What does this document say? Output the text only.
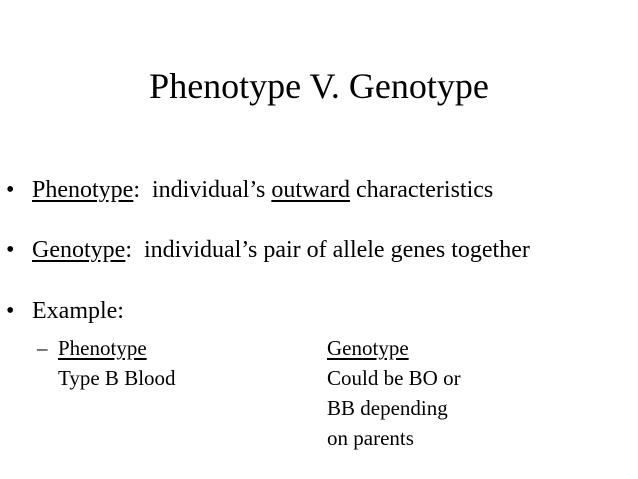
Phenotype V. Genotype
• Phenotype:  individual’s outward characteristics
• Genotype:  individual’s pair of allele genes together
• Example:
– Phenotype
Type B Blood
Genotype
Could be BO or
BB depending
on parents
